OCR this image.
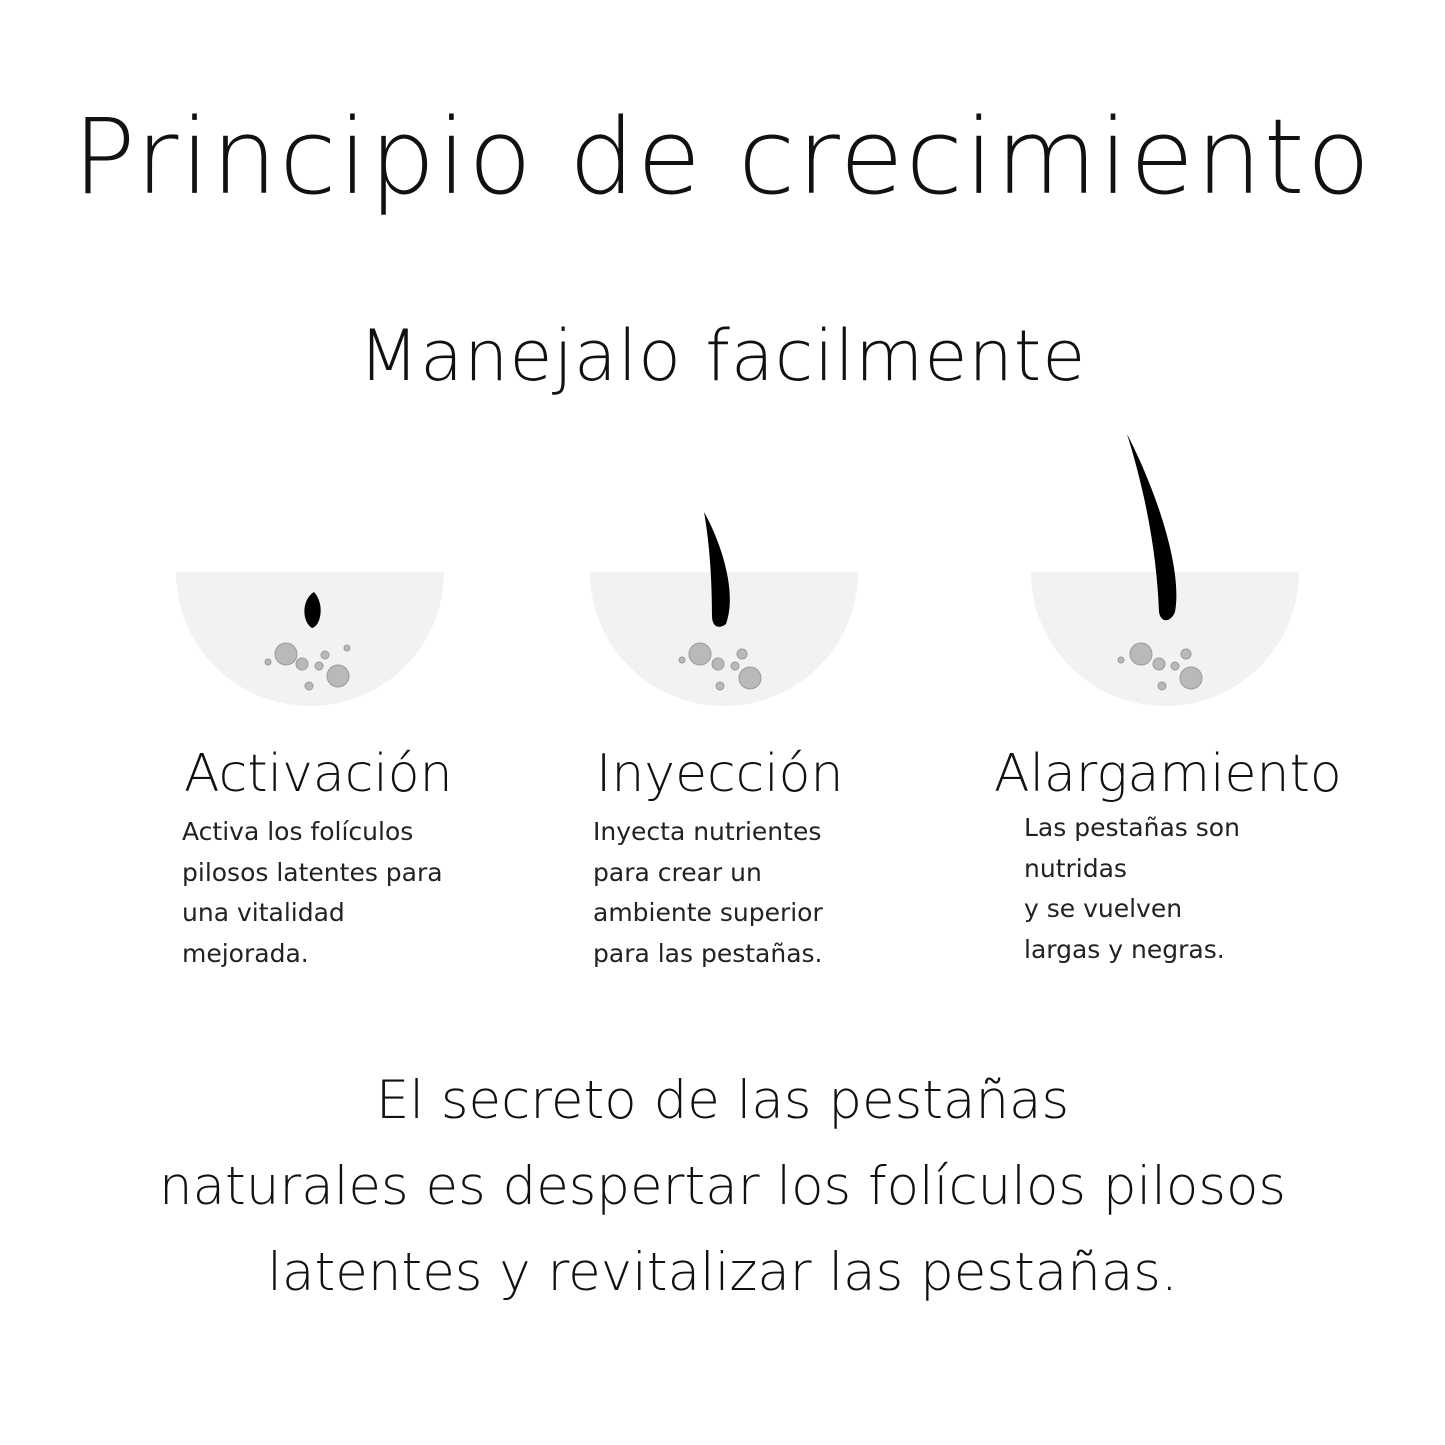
Principio de crecimiento
Manejalo facilmente
Activación
Activa los folículos
pilosos latentes para
una vitalidad
mejorada.
Inyección
Inyecta nutrientes
para crear un
ambiente superior
para las pestañas.
Alargamiento
Las pestañas son
nutridas
y se vuelven
largas y negras.
El secreto de las pestañas
naturales es despertar los folículos pilosos
latentes y revitalizar las pestañas.
